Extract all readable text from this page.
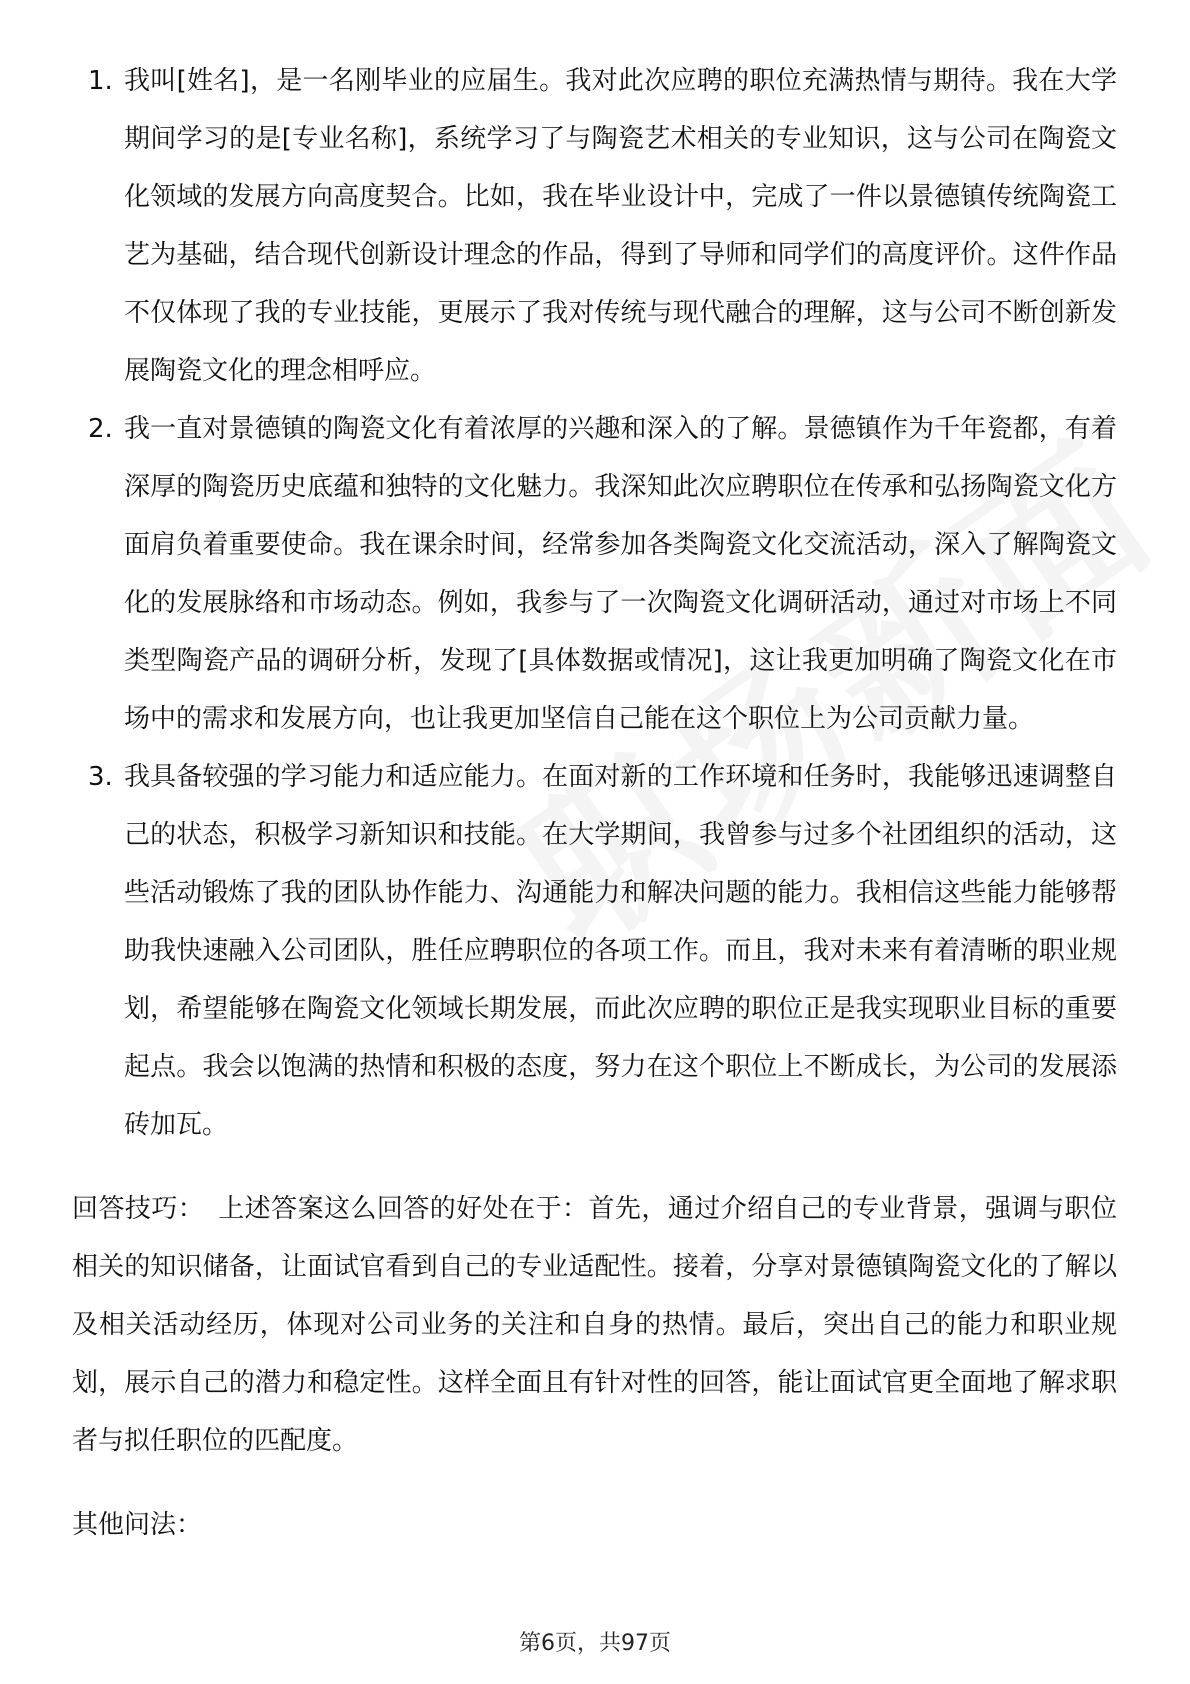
1. 我叫[姓名]，是一名刚毕业的应届生。我对此次应聘的职位充满热情与期待。我在大学期间学习的是[专业名称]，系统学习了与陶瓷艺术相关的专业知识，这与公司在陶瓷文化领域的发展方向高度契合。比如，我在毕业设计中，完成了一件以景德镇传统陶瓷工艺为基础，结合现代创新设计理念的作品，得到了导师和同学们的高度评价。这件作品不仅体现了我的专业技能，更展示了我对传统与现代融合的理解，这与公司不断创新发展陶瓷文化的理念相呼应。

2. 我一直对景德镇的陶瓷文化有着浓厚的兴趣和深入的了解。景德镇作为千年瓷都，有着深厚的陶瓷历史底蕴和独特的文化魅力。我深知此次应聘职位在传承和弘扬陶瓷文化方面肩负着重要使命。我在课余时间，经常参加各类陶瓷文化交流活动，深入了解陶瓷文化的发展脉络和市场动态。例如，我参与了一次陶瓷文化调研活动，通过对市场上不同类型陶瓷产品的调研分析，发现了[具体数据或情况]，这让我更加明确了陶瓷文化在市场中的需求和发展方向，也让我更加坚信自己能在这个职位上为公司贡献力量。

3. 我具备较强的学习能力和适应能力。在面对新的工作环境和任务时，我能够迅速调整自己的状态，积极学习新知识和技能。在大学期间，我曾参与过多个社团组织的活动，这些活动锻炼了我的团队协作能力、沟通能力和解决问题的能力。我相信这些能力能够帮助我快速融入公司团队，胜任应聘职位的各项工作。而且，我对未来有着清晰的职业规划，希望能够在陶瓷文化领域长期发展，而此次应聘的职位正是我实现职业目标的重要起点。我会以饱满的热情和积极的态度，努力在这个职位上不断成长，为公司的发展添砖加瓦。

回答技巧： 上述答案这么回答的好处在于：首先，通过介绍自己的专业背景，强调与职位相关的知识储备，让面试官看到自己的专业适配性。接着，分享对景德镇陶瓷文化的了解以及相关活动经历，体现对公司业务的关注和自身的热情。最后，突出自己的能力和职业规划，展示自己的潜力和稳定性。这样全面且有针对性的回答，能让面试官更全面地了解求职者与拟任职位的匹配度。

其他问法：

第6页，共97页
